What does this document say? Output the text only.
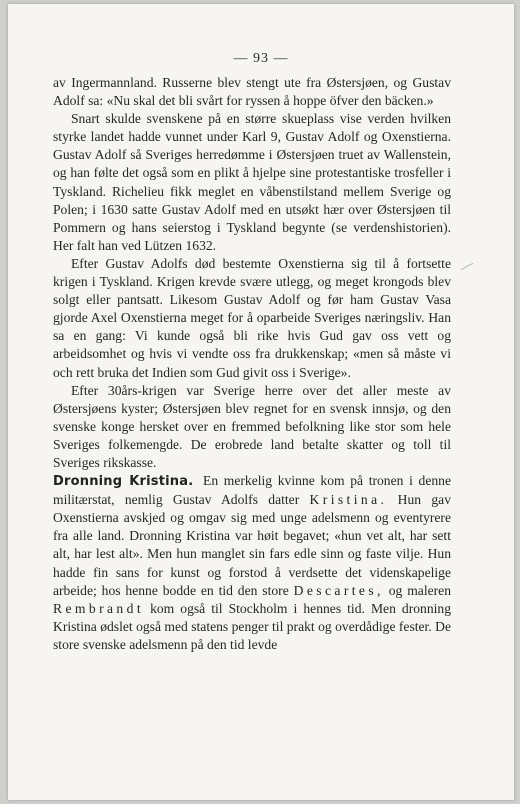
— 93 —

av Ingermannland. Russerne blev stengt ute fra Østersjøen, og Gustav Adolf sa: «Nu skal det bli svårt for ryssen å hoppe öfver den bäcken.»

Snart skulde svenskene på en større skueplass vise verden hvilken styrke landet hadde vunnet under Karl 9, Gustav Adolf og Oxenstierna. Gustav Adolf så Sveriges herredømme i Østersjøen truet av Wallenstein, og han følte det også som en plikt å hjelpe sine protestantiske trosfeller i Tyskland. Richelieu fikk meglet en våbenstilstand mellem Sverige og Polen; i 1630 satte Gustav Adolf med en utsøkt hær over Østersjøen til Pommern og hans seierstog i Tyskland begynte (se verdenshistorien). Her falt han ved Lützen 1632.

Efter Gustav Adolfs død bestemte Oxenstierna sig til å fortsette krigen i Tyskland. Krigen krevde svære utlegg, og meget krongods blev solgt eller pantsatt. Likesom Gustav Adolf og før ham Gustav Vasa gjorde Axel Oxenstierna meget for å oparbeide Sveriges næringsliv. Han sa en gang: Vi kunde også bli rike hvis Gud gav oss vett og arbeidsomhet og hvis vi vendte oss fra drukkenskap; «men så måste vi och rett bruka det Indien som Gud givit oss i Sverige».

Efter 30års-krigen var Sverige herre over det aller meste av Østersjøens kyster; Østersjøen blev regnet for en svensk innsjø, og den svenske konge hersket over en fremmed befolkning like stor som hele Sveriges folkemengde. De erobrede land betalte skatter og toll til Sveriges rikskasse.

Dronning Kristina. En merkelig kvinne kom på tronen i denne militærstat, nemlig Gustav Adolfs datter Kristina. Hun gav Oxenstierna avskjed og omgav sig med unge adelsmenn og eventyrere fra alle land. Dronning Kristina var høit begavet; «hun vet alt, har sett alt, har lest alt». Men hun manglet sin fars edle sinn og faste vilje. Hun hadde fin sans for kunst og forstod å verdsette det videnskapelige arbeide; hos henne bodde en tid den store Descartes, og maleren Rembrandt kom også til Stockholm i hennes tid. Men dronning Kristina ødslet også med statens penger til prakt og overdådige fester. De store svenske adelsmenn på den tid levde
